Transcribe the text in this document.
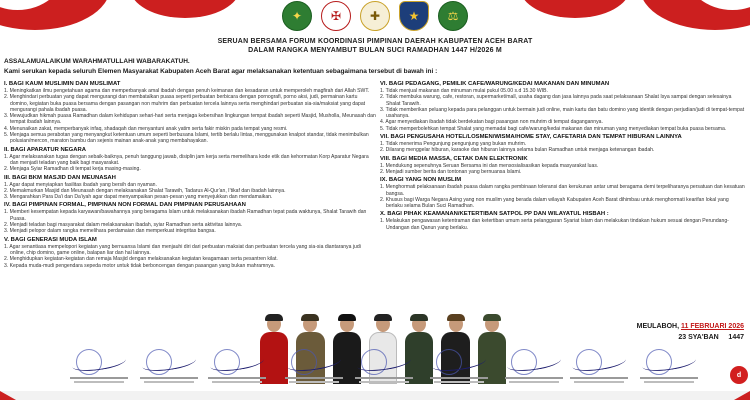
✦	✠	✚	★	⚖
SERUAN BERSAMA FORUM KOORDINASI PIMPINAN DAERAH KABUPATEN ACEH BARAT
DALAM RANGKA MENYAMBUT BULAN SUCI RAMADHAN 1447 H/2026 M
ASSALAMUALAIKUM WARAHMATULLAHI WABARAKATUH.
Kami serukan kepada seluruh Elemen Masyarakat Kabupaten Aceh Barat agar melaksanakan ketentuan sebagaimana tersebut di bawah ini :
I. BAGI KAUM MUSLIMIN DAN MUSLIMAT
1. Meningkatkan ilmu pengetahuan agama dan memperbanyak amal ibadah dengan penuh keimanan dan kesadaran untuk memperoleh magfirah dari Allah SWT.
2. Menghindari perbuatan yang dapat mengurangi dan membatalkan puasa seperti perbuatan berbicara dengan pornografi, porno aksi, judi, permainan kartu domino, kegiatan buka puasa bersama dengan pasangan non muhrim dan perbuatan tercela lainnya serta menghindari perbuatan sia-sia/maksiat yang dapat mengurangi pahala ibadah puasa.
3. Mewujudkan hikmah puasa Ramadhan dalam kehidupan sehari-hari serta menjaga kebersihan lingkungan tempat ibadah seperti Masjid, Musholla, Meunasah dan tempat ibadah lainnya.
4. Menunaikan zakat, memperbanyak infaq, shadaqah dan menyantuni anak yatim serta fakir miskin pada tempat yang resmi.
5. Menjaga semua perabotan yang menyangkut ketentuan umum seperti berbusana Islami, tertib berlalu lintas, menggunakan knalpot standar, tidak menimbulkan polusian/mercon, maraton bambu dan sejenis mainan anak-anak yang membahayakan.
II. BAGI APARATUR NEGARA
1. Agar melaksanakan tugas dengan sebaik-baiknya, penuh tanggung jawab, disiplin jam kerja serta memelihara kode etik dan kehormatan Korp Aparatur Negara dan menjadi teladan yang baik bagi masyarakat.
2. Menjaga Syiar Ramadhan di tempat kerja masing-masing.
III. BAGI BKM MASJID DAN MEUNASAH
1. Agar dapat menyiapkan fasilitas ibadah yang bersih dan nyaman.
2. Memakmurkan Masjid dan Meunasah dengan melaksanakan Shalat Tarawih, Tadarus Al-Qur'an, I'tikaf dan ibadah lainnya.
3. Mengarahkan Para Da'i dan Da'iyah agar dapat menyampaikan pesan-pesan yang menyejukkan dan mendamaikan.
IV. BAGI PIMPINAN FORMAL, PIMPINAN NON FORMAL DAN PIMPINAN PERUSAHAAN
1. Memberi kesempatan kepada karyawan/bawahannya yang beragama Islam untuk melaksanakan ibadah Ramadhan tepat pada waktunya, Shalat Tarawih dan Puasa.
2. Menjadi teladan bagi masyarakat dalam melaksanakan ibadah, syiar Ramadhan serta aktivitas lainnya.
3. Menjadi pelopor dalam rangka memelihara perdamaian dan memperkuat integritas bangsa.
V. BAGI GENERASI MUDA ISLAM
1. Agar senantiasa mempelopori kegiatan yang bernuansa Islami dan menjauhi diri dari perbuatan maksiat dan perbuatan tercela yang sia-sia diantaranya judi online, chip domino, game online, balapan liar dan hal lainnya.
2. Menghidupkan kegiatan-kegiatan dan remaja Masjid dengan melaksanakan kegiatan keagamaan serta pesantren kilat.
3. Kepada muda-mudi pengendara sepeda motor untuk tidak berboncengan dengan pasangan yang bukan mahramnya.
VI. BAGI PEDAGANG, PEMILIK CAFE/WARUNG/KEDAI MAKANAN DAN MINUMAN
1. Tidak menjual makanan dan minuman mulai pukul 05.00 s.d 15.30 WIB.
2. Tidak membuka warung, cafe, restoran, supermarket/mall, usaha dagang dan jasa lainnya pada saat pelaksanaan Shalat Isya sampai dengan selesainya Shalat Tarawih.
3. Tidak memberikan peluang kepada para pelanggan untuk bermain judi online, main kartu dan batu domino yang identik dengan perjudian/judi di tempat-tempat usahanya.
4. Agar menyediakan ibadah tidak berdekatan bagi pasangan non muhrim di tempat dagangannya.
5. Tidak memperbolehkan tempat Shalat yang memadai bagi cafe/warung/kedai makanan dan minuman yang menyediakan tempat buka puasa bersama.
VII. BAGI PENGUSAHA HOTEL/LOSMEN/WISMA/HOME STAY, CAFETARIA DAN TEMPAT HIBURAN LAINNYA
1. Tidak menerima Pengunjung pengunjung yang bukan muhrim.
2. Dilarang menggelar hiburan, karaoke dan hiburan lainnya selama bulan Ramadhan untuk menjaga ketenangan ibadah.
VIII. BAGI MEDIA MASSA, CETAK DAN ELEKTRONIK
1. Mendukung sepenuhnya Seruan Bersama ini dan mensosialisasikan kepada masyarakat luas.
2. Menjadi sumber berita dan tontonan yang bernuansa Islami.
IX. BAGI YANG NON MUSLIM
1. Menghormati pelaksanaan ibadah puasa dalam rangka pembinaan toleransi dan kerukunan antar umat beragama demi terpeliharanya persatuan dan kesatuan bangsa.
2. Khusus bagi Warga Negara Asing yang non muslim yang berada dalam wilayah Kabupaten Aceh Barat dihimbau untuk menghormati kearifan lokal yang berlaku selama Bulan Suci Ramadhan.
X. BAGI PIHAK KEAMANAN/KETERTIBAN SATPOL PP DAN WILAYATUL HISBAH :
1. Melakukan pengawasan ketentraman dan ketertiban umum serta pelanggaran Syariat Islam dan melakukan tindakan hukum sesuai dengan Perundang-Undangan dan Qanun yang berlaku.
MEULABOH, 11 FEBRUARI 2026
23 SYA'BAN 1447
d
